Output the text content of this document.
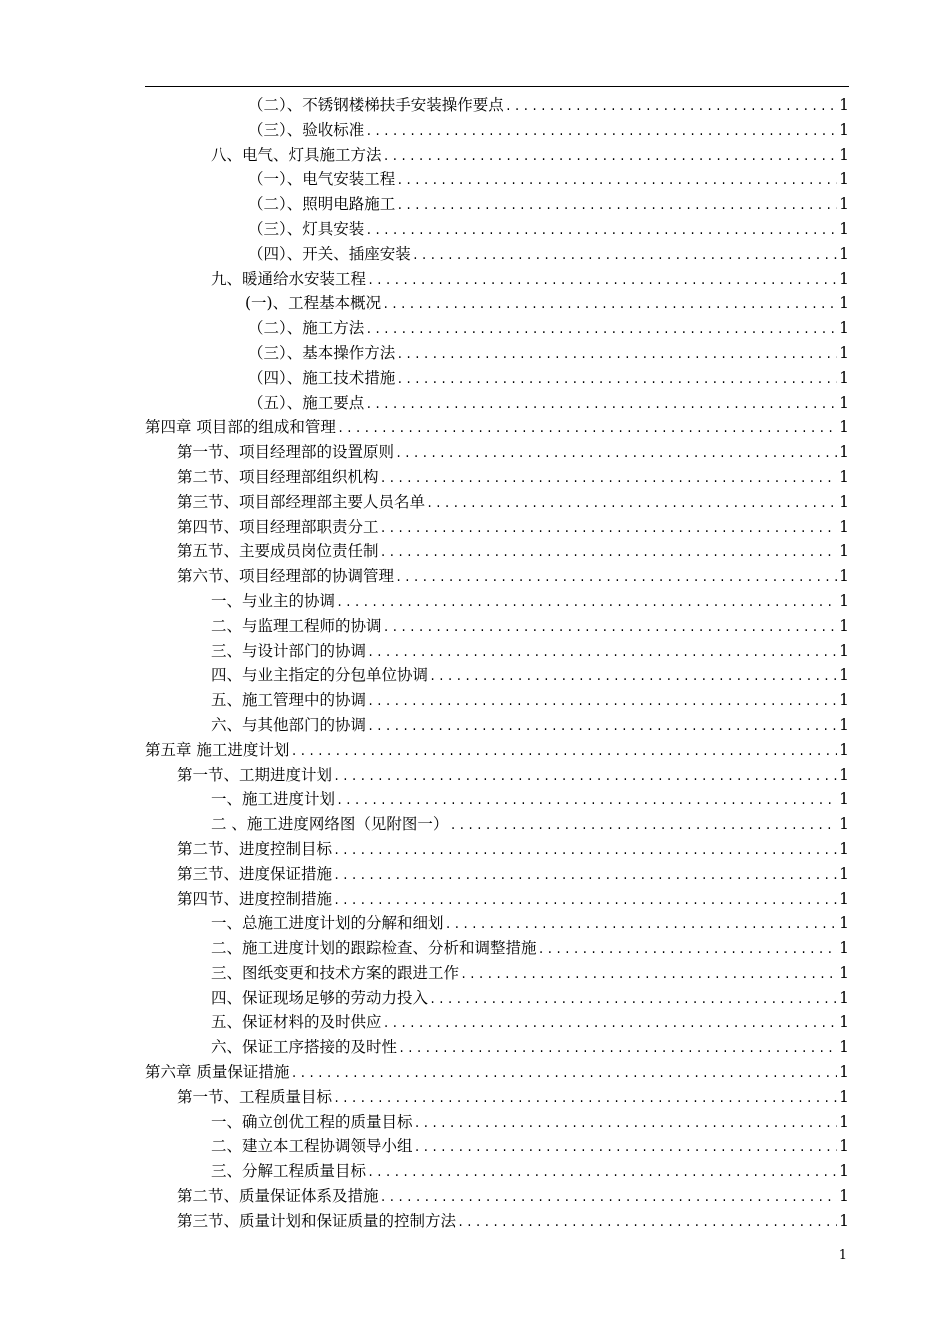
（二）、不锈钢楼梯扶手安装操作要点 .....	1
（三）、验收标准 .....	1
八、电气、灯具施工方法 .....	1
（一）、电气安装工程 .....	1
（二）、照明电路施工 .....	1
（三）、灯具安装 .....	1
（四）、开关、插座安装 .....	1
九、暖通给水安装工程 .....	1
(一)、工程基本概况 .....	1
（二）、施工方法 .....	1
（三）、基本操作方法 .....	1
（四）、施工技术措施 .....	1
（五）、施工要点 .....	1
第四章 项目部的组成和管理 .....	1
第一节、项目经理部的设置原则 .....	1
第二节、项目经理部组织机构 .....	1
第三节、项目部经理部主要人员名单 .....	1
第四节、项目经理部职责分工 .....	1
第五节、主要成员岗位责任制 .....	1
第六节、项目经理部的协调管理 .....	1
一、与业主的协调 .....	1
二、与监理工程师的协调 .....	1
三、与设计部门的协调 .....	1
四、与业主指定的分包单位协调 .....	1
五、施工管理中的协调 .....	1
六、与其他部门的协调 .....	1
第五章 施工进度计划 .....	1
第一节、工期进度计划 .....	1
一、施工进度计划 .....	1
二 、施工进度网络图（见附图一） .....	1
第二节、进度控制目标 .....	1
第三节、进度保证措施 .....	1
第四节、进度控制措施 .....	1
一、总施工进度计划的分解和细划 .....	1
二、施工进度计划的跟踪检查、分析和调整措施 .....	1
三、图纸变更和技术方案的跟进工作 .....	1
四、保证现场足够的劳动力投入 .....	1
五、保证材料的及时供应 .....	1
六、保证工序搭接的及时性 .....	1
第六章 质量保证措施 .....	1
第一节、工程质量目标 .....	1
一、确立创优工程的质量目标 .....	1
二、建立本工程协调领导小组 .....	1
三、分解工程质量目标 .....	1
第二节、质量保证体系及措施 .....	1
第三节、质量计划和保证质量的控制方法 .....	1
1
